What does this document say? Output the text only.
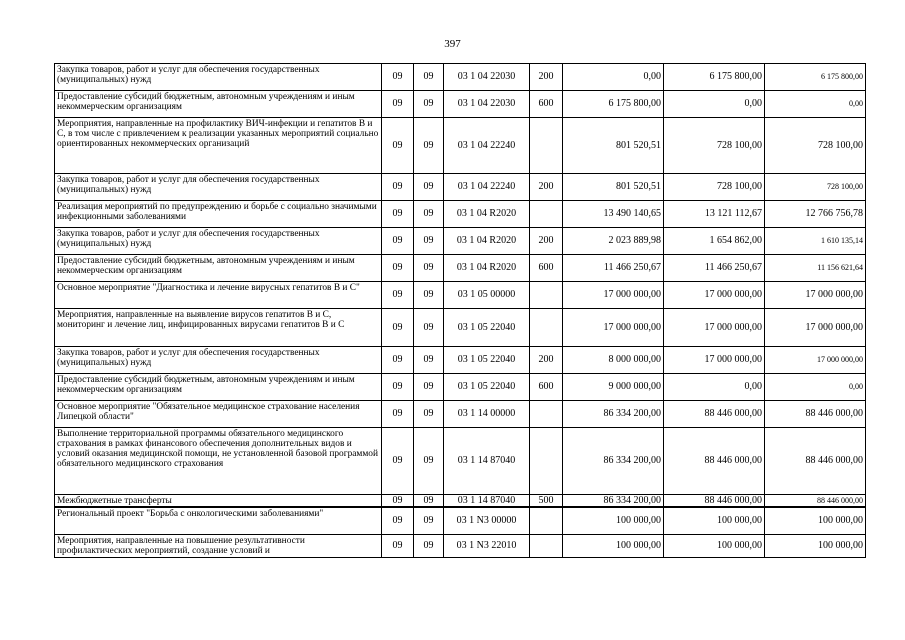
397
Закупка товаров, работ и услуг для обеспечения государственных (муниципальных) нужд	09	09	03 1 04 22030	200	0,00	6 175 800,00	6 175 800,00
Предоставление субсидий бюджетным, автономным учреждениям и иным некоммерческим организациям	09	09	03 1 04 22030	600	6 175 800,00	0,00	0,00
Мероприятия, направленные на профилактику ВИЧ-инфекции и гепатитов B и C, в том числе с привлечением к реализации указанных мероприятий социально ориентированных некоммерческих организаций	09	09	03 1 04 22240		801 520,51	728 100,00	728 100,00
Закупка товаров, работ и услуг для обеспечения государственных (муниципальных) нужд	09	09	03 1 04 22240	200	801 520,51	728 100,00	728 100,00
Реализация мероприятий по предупреждению и борьбе с социально значимыми инфекционными заболеваниями	09	09	03 1 04 R2020		13 490 140,65	13 121 112,67	12 766 756,78
Закупка товаров, работ и услуг для обеспечения государственных (муниципальных) нужд	09	09	03 1 04 R2020	200	2 023 889,98	1 654 862,00	1 610 135,14
Предоставление субсидий бюджетным, автономным учреждениям и иным некоммерческим организациям	09	09	03 1 04 R2020	600	11 466 250,67	11 466 250,67	11 156 621,64
Основное мероприятие "Диагностика и лечение вирусных гепатитов B и C"	09	09	03 1 05 00000		17 000 000,00	17 000 000,00	17 000 000,00
Мероприятия, направленные на выявление вирусов гепатитов B и C, мониторинг и лечение лиц, инфицированных вирусами гепатитов B и C	09	09	03 1 05 22040		17 000 000,00	17 000 000,00	17 000 000,00
Закупка товаров, работ и услуг для обеспечения государственных (муниципальных) нужд	09	09	03 1 05 22040	200	8 000 000,00	17 000 000,00	17 000 000,00
Предоставление субсидий бюджетным, автономным учреждениям и иным некоммерческим организациям	09	09	03 1 05 22040	600	9 000 000,00	0,00	0,00
Основное мероприятие "Обязательное медицинское страхование населения Липецкой области"	09	09	03 1 14 00000		86 334 200,00	88 446 000,00	88 446 000,00
Выполнение территориальной программы обязательного медицинского страхования в рамках финансового обеспечения дополнительных видов и условий оказания медицинской помощи, не установленной базовой программой обязательного медицинского страхования	09	09	03 1 14 87040		86 334 200,00	88 446 000,00	88 446 000,00
Межбюджетные трансферты	09	09	03 1 14 87040	500	86 334 200,00	88 446 000,00	88 446 000,00
Региональный проект "Борьба с онкологическими заболеваниями"	09	09	03 1 N3 00000		100 000,00	100 000,00	100 000,00
Мероприятия, направленные на повышение результативности профилактических мероприятий, создание условий и	09	09	03 1 N3 22010		100 000,00	100 000,00	100 000,00
